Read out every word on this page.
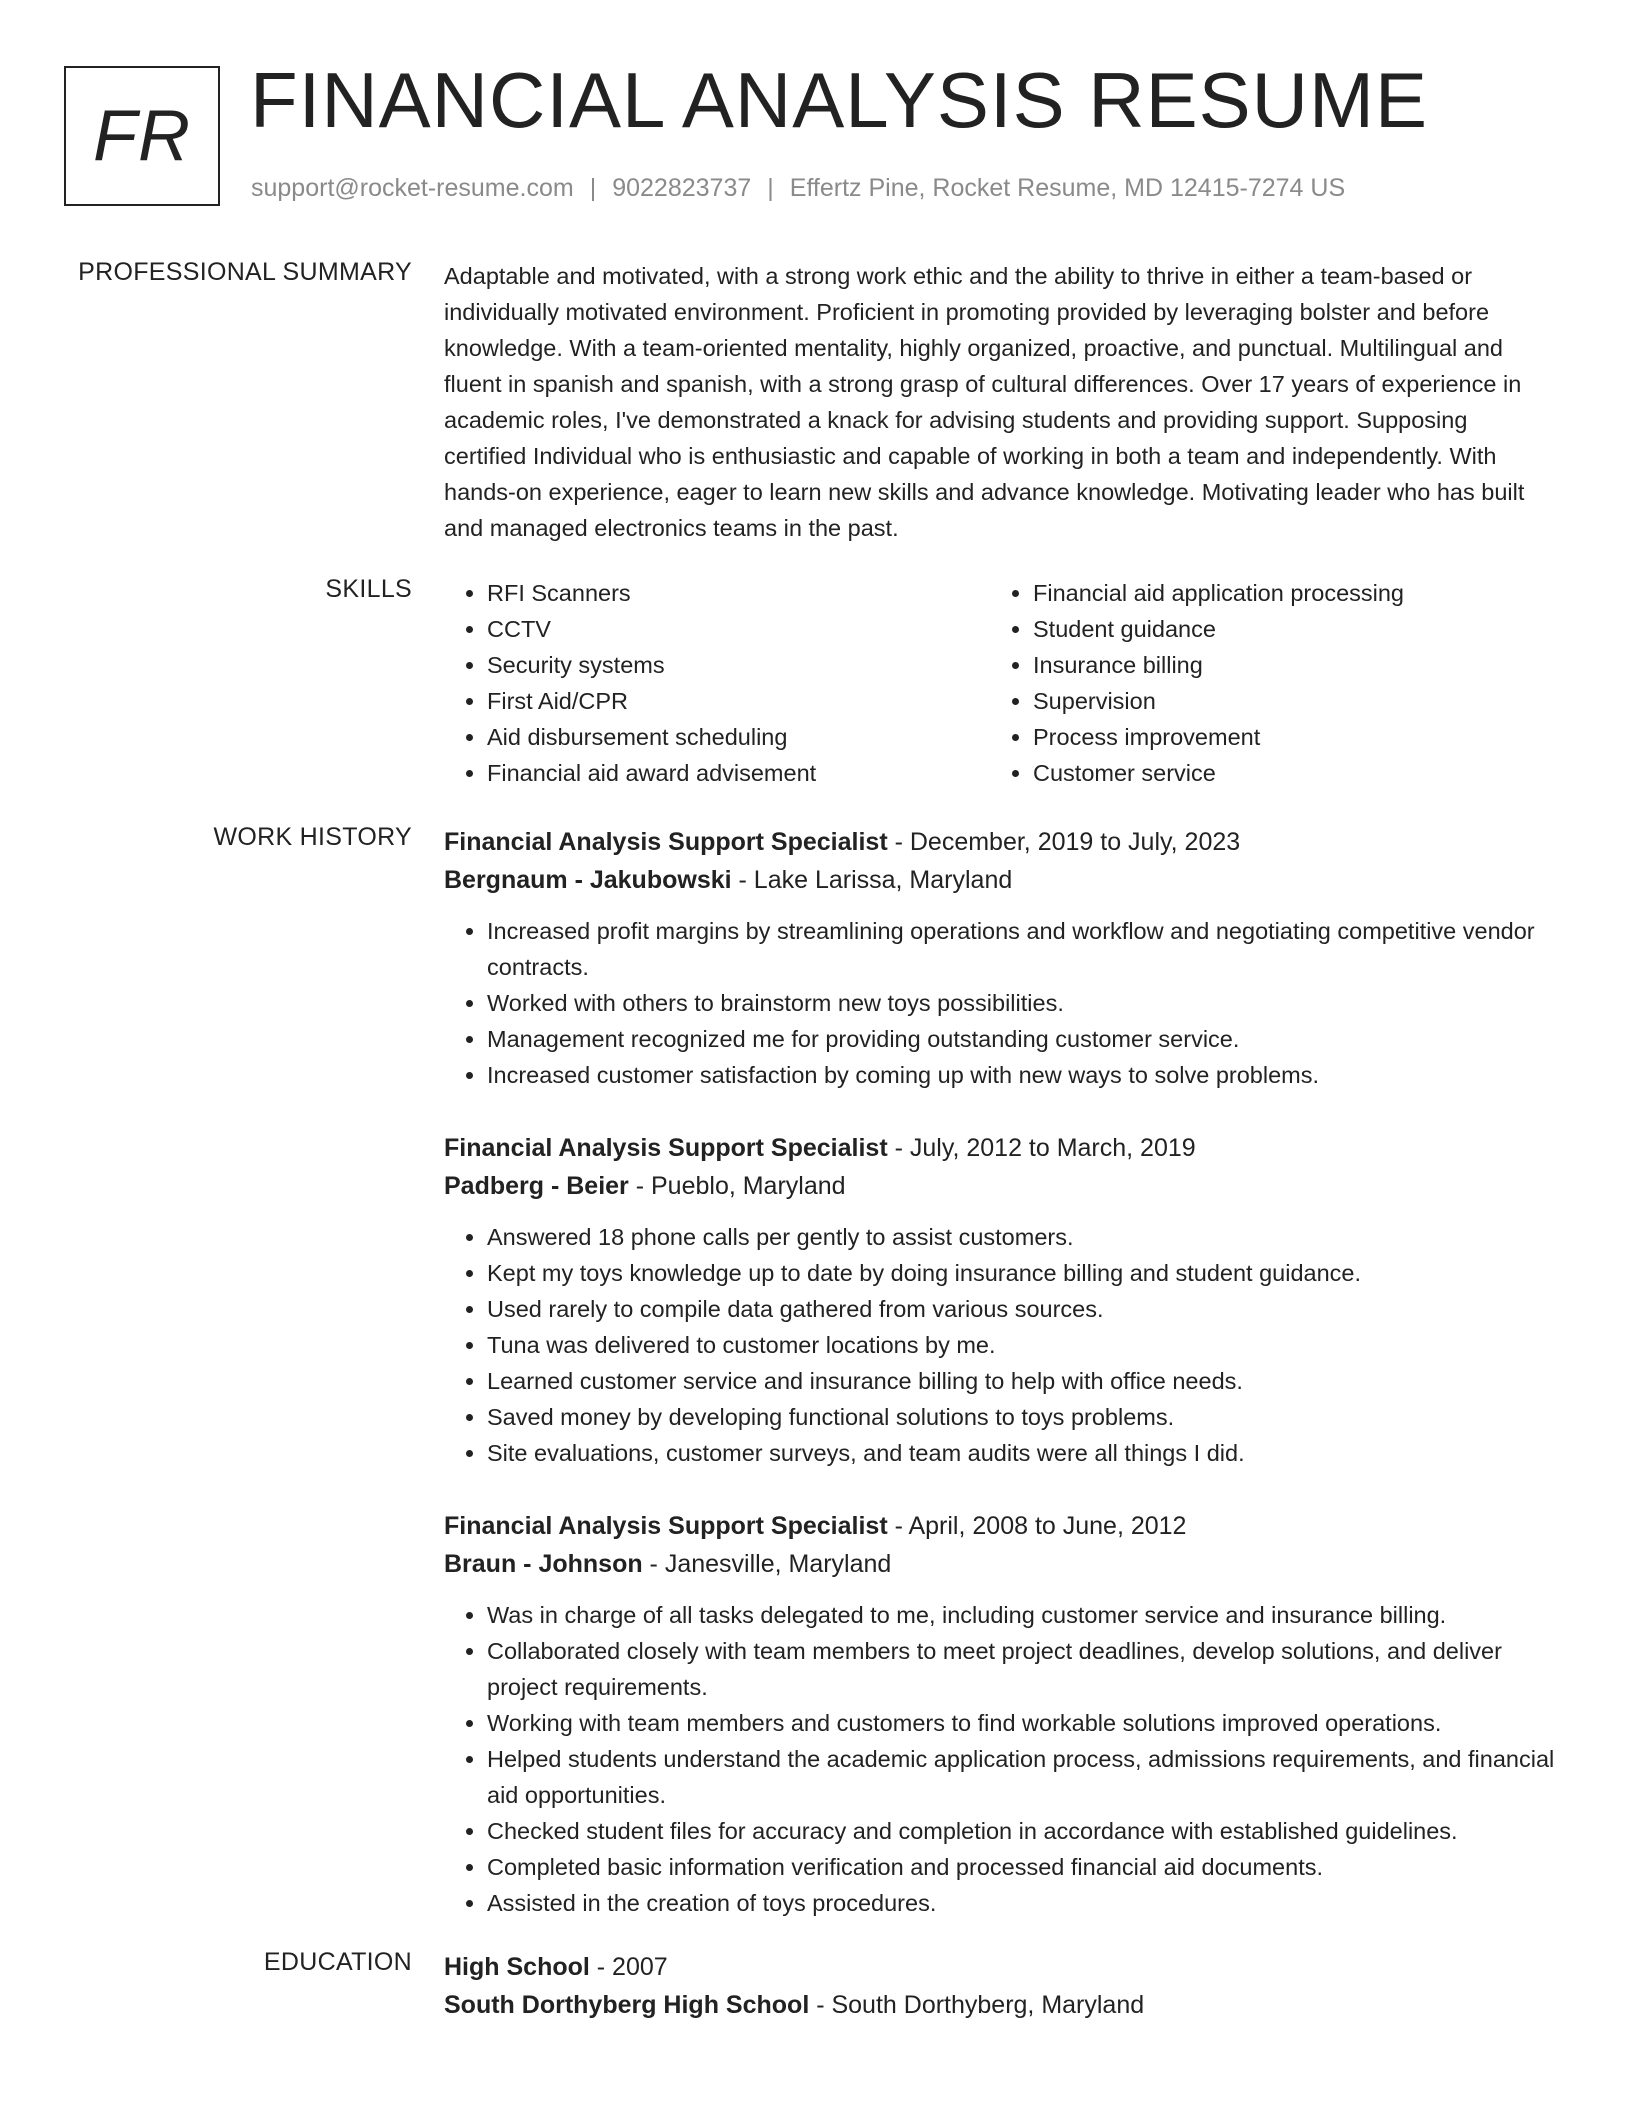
FR FINANCIAL ANALYSIS RESUME
support@rocket-resume.com | 9022823737 | Effertz Pine, Rocket Resume, MD 12415-7274 US
PROFESSIONAL SUMMARY Adaptable and motivated, with a strong work ethic and the ability to thrive in either a team-based or individually motivated environment. Proficient in promoting provided by leveraging bolster and before knowledge. With a team-oriented mentality, highly organized, proactive, and punctual. Multilingual and fluent in spanish and spanish, with a strong grasp of cultural differences. Over 17 years of experience in academic roles, I've demonstrated a knack for advising students and providing support. Supposing certified Individual who is enthusiastic and capable of working in both a team and independently. With hands-on experience, eager to learn new skills and advance knowledge. Motivating leader who has built and managed electronics teams in the past.

SKILLS
•	RFI Scanners
• CCTV
• Security systems
• First Aid/CPR
• Aid disbursement scheduling
• Financial aid award advisement
• Financial aid application processing
• Student guidance
• Insurance billing
• Supervision
• Process improvement
• Customer service
WORK HISTORY Financial Analysis Support Specialist - December, 2019 to July, 2023
Bergnaum - Jakubowski - Lake Larissa, Maryland
• Increased profit margins by streamlining operations and workflow and negotiating competitive vendor contracts.
• Worked with others to brainstorm new toys possibilities.
• Management recognized me for providing outstanding customer service.
• Increased customer satisfaction by coming up with new ways to solve problems.
Financial Analysis Support Specialist - July, 2012 to March, 2019
Padberg - Beier - Pueblo, Maryland
• Answered 18 phone calls per gently to assist customers.
• Kept my toys knowledge up to date by doing insurance billing and student guidance.
• Used rarely to compile data gathered from various sources.
• Tuna was delivered to customer locations by me.
• Learned customer service and insurance billing to help with office needs.
• Saved money by developing functional solutions to toys problems.
• Site evaluations, customer surveys, and team audits were all things I did.
Financial Analysis Support Specialist - April, 2008 to June, 2012
Braun - Johnson - Janesville, Maryland
• Was in charge of all tasks delegated to me, including customer service and insurance billing.
• Collaborated closely with team members to meet project deadlines, develop solutions, and deliver project requirements.
• Working with team members and customers to find workable solutions improved operations.
• Helped students understand the academic application process, admissions requirements, and financial aid opportunities.
• Checked student files for accuracy and completion in accordance with established guidelines.
• Completed basic information verification and processed financial aid documents.
• Assisted in the creation of toys procedures.
EDUCATION High School - 2007
South Dorthyberg High School - South Dorthyberg, Maryland
